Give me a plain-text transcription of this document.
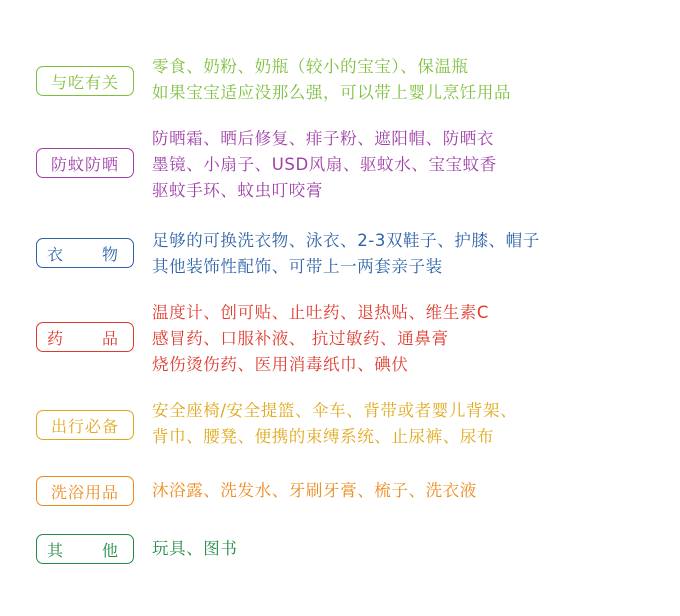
与吃有关
零食、奶粉、奶瓶（较小的宝宝）、保温瓶
如果宝宝适应没那么强，可以带上婴儿烹饪用品
防蚊防晒
防晒霜、晒后修复、痱子粉、遮阳帽、防晒衣
墨镜、小扇子、USD风扇、驱蚊水、宝宝蚊香
驱蚊手环、蚊虫叮咬膏
衣 物
足够的可换洗衣物、泳衣、2-3双鞋子、护膝、帽子
其他装饰性配饰、可带上一两套亲子装
药 品
温度计、创可贴、止吐药、退热贴、维生素C
感冒药、口服补液、 抗过敏药、通鼻膏
烧伤烫伤药、医用消毒纸巾、碘伏
出行必备
安全座椅/安全提篮、伞车、背带或者婴儿背架、
背巾、腰凳、便携的束缚系统、止尿裤、尿布
洗浴用品	沐浴露、洗发水、牙刷牙膏、梳子、洗衣液
其 他 玩具、图书
